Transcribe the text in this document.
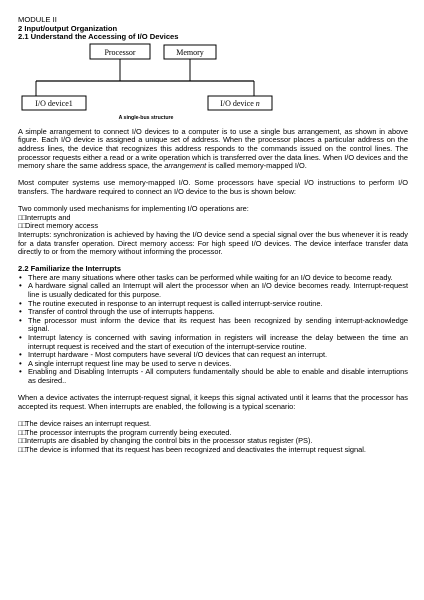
MODULE II
2 Input/output Organization
2.1 Understand the Accessing of I/O Devices
Processor	Memory
I/O device1	I/O device n
A single-bus structure

A simple arrangement to connect I/O devices to a computer is to use a single bus arrangement, as shown in above figure. Each I/O device is assigned a unique set of address. When the processor places a particular address on the address lines, the device that recognizes this address responds to the commands issued on the control lines. The processor requests either a read or a write operation which is transferred over the data lines. When I/O devices and the memory share the same address space, the arrangement is called memory-mapped I/O.

Most computer systems use memory-mapped I/O. Some processors have special I/O instructions to perform I/O transfers. The hardware required to connect an I/O device to the bus is shown below:

Two commonly used mechanisms for implementing I/O operations are:

□□Interrupts and
□□Direct memory access

Interrupts: synchronization is achieved by having the I/O device send a special signal over the bus whenever it is ready for a data transfer operation. Direct memory access: For high speed I/O devices. The device interface transfer data directly to or from the memory without informing the processor.

2.2 Familiarize the Interrupts
• There are many situations where other tasks can be performed while waiting for an I/O device to become ready.
• A hardware signal called an Interrupt will alert the processor when an I/O device becomes ready. Interrupt-request line is usually dedicated for this purpose.
• The routine executed in response to an interrupt request is called interrupt-service routine.
• Transfer of control through the use of interrupts happens.
• The processor must inform the device that its request has been recognized by sending interrupt-acknowledge signal.
• Interrupt latency is concerned with saving information in registers will increase the delay between the time an interrupt request is received and the start of execution of the interrupt-service routine.
• Interrupt hardware - Most computers have several I/O devices that can request an interrupt.
• A single interrupt request line may be used to serve n devices.
• Enabling and Disabling Interrupts - All computers fundamentally should be able to enable and disable interruptions as desired..

When a device activates the interrupt-request signal, it keeps this signal activated until it learns that the processor has accepted its request. When interrupts are enabled, the following is a typical scenario:

□□The device raises an interrupt request.

□□The processor interrupts the program currently being executed.

□□Interrupts are disabled by changing the control bits in the processor status register (PS).

□□The device is informed that its request has been recognized and deactivates the interrupt request signal.
